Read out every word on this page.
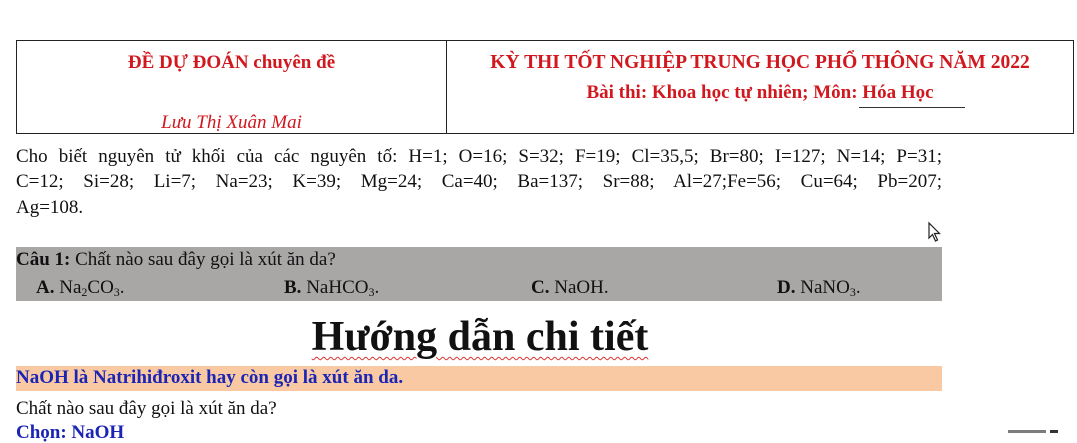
ĐỀ DỰ ĐOÁN chuyên đề
Lưu Thị Xuân Mai
KỲ THI TỐT NGHIỆP TRUNG HỌC PHỔ THÔNG NĂM 2022
Bài thi: Khoa học tự nhiên; Môn: Hóa Học
Cho biết nguyên tử khối của các nguyên tố: H=1; O=16; S=32; F=19; Cl=35,5; Br=80; I=127; N=14; P=31;
C=12; Si=28; Li=7; Na=23; K=39; Mg=24; Ca=40; Ba=137; Sr=88; Al=27;Fe=56; Cu=64; Pb=207;
Ag=108.
Câu 1: Chất nào sau đây gọi là xút ăn da?
A. $Na_2CO_3$.	B. NaHCO$_3$.	C. NaOH.	D. NaNO$_3$.
Hướng dẫn chi tiết
NaOH là Natrihiđroxit hay còn gọi là xút ăn da.
Chất nào sau đây gọi là xút ăn da?
Chọn: NaOH
